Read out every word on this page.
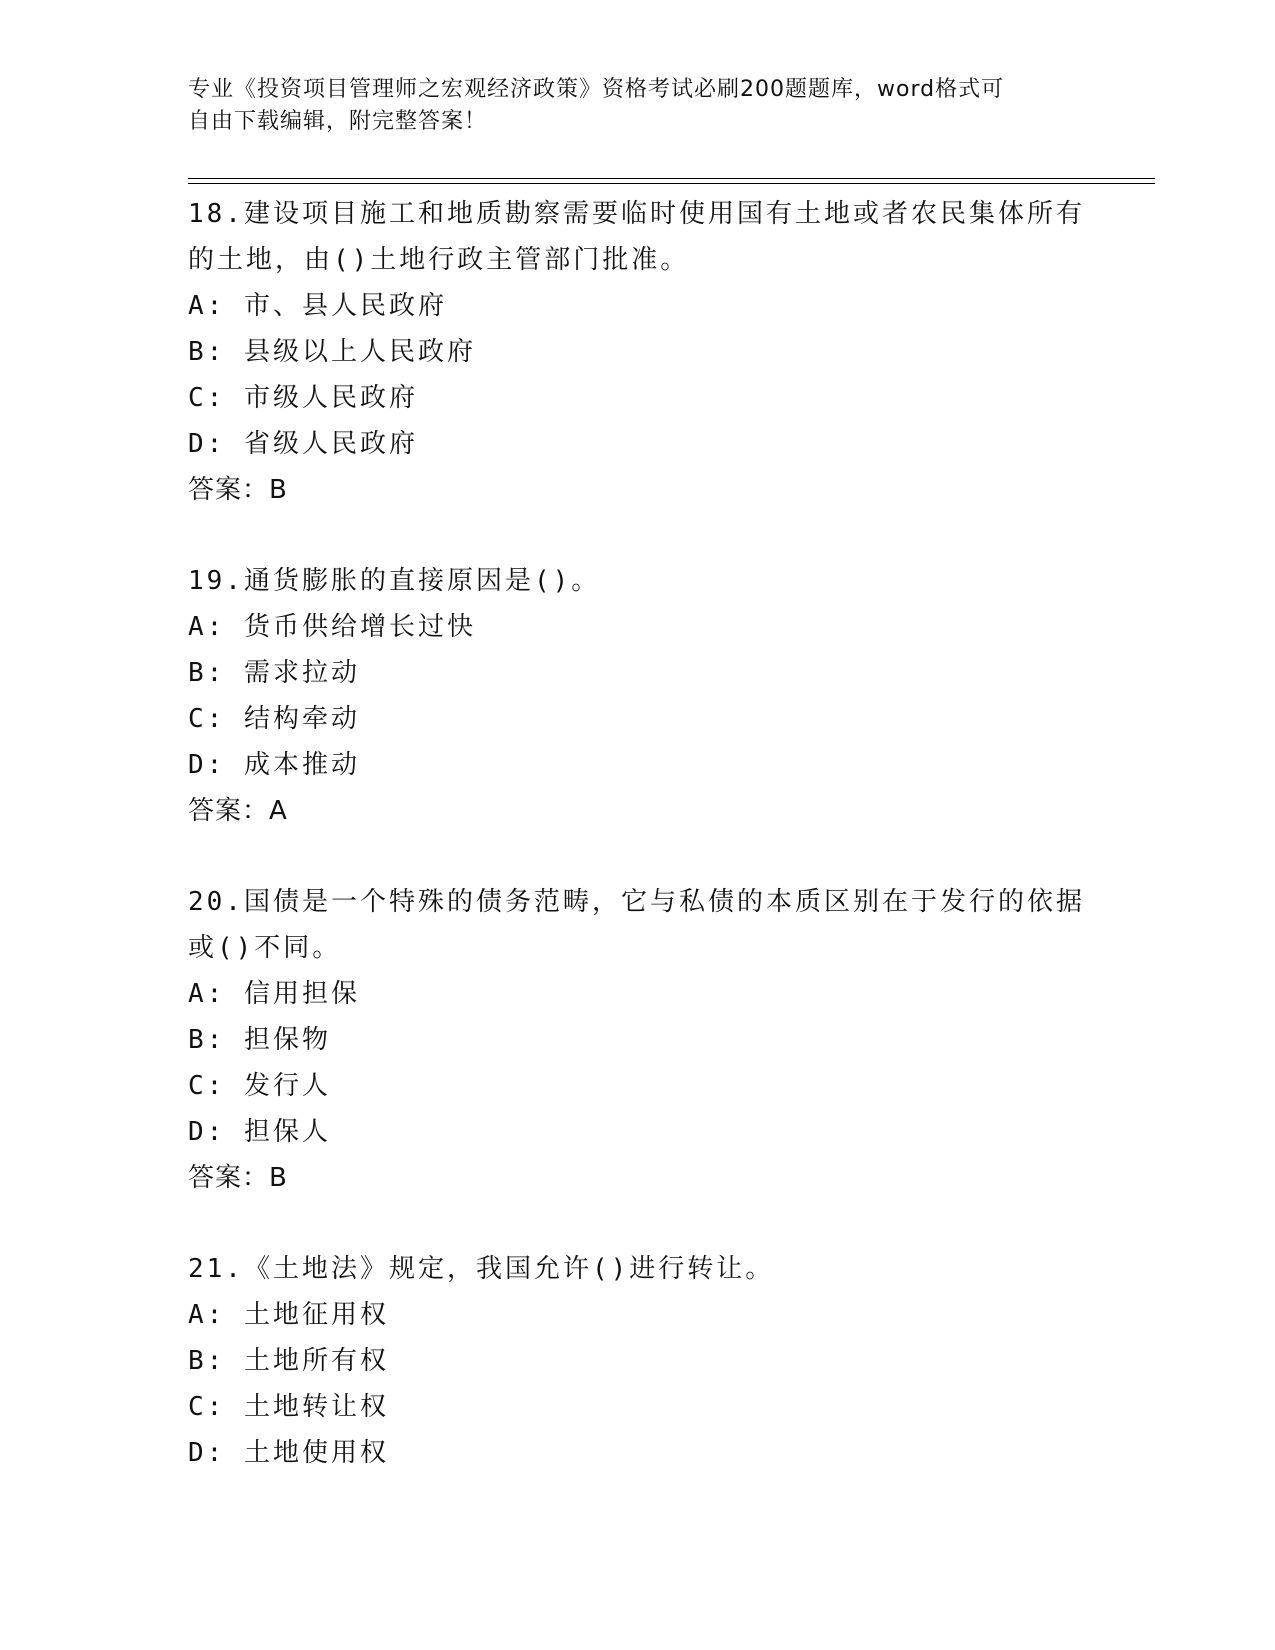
专业《投资项目管理师之宏观经济政策》资格考试必刷200题题库，word格式可
自由下载编辑，附完整答案！
18.建设项目施工和地质勘察需要临时使用国有土地或者农民集体所有
的土地，由()土地行政主管部门批准。
A: 市、县人民政府
B: 县级以上人民政府
C: 市级人民政府
D: 省级人民政府
答案：B
19.通货膨胀的直接原因是()。
A: 货币供给增长过快
B: 需求拉动
C: 结构牵动
D: 成本推动
答案：A
20.国债是一个特殊的债务范畴，它与私债的本质区别在于发行的依据
或()不同。
A: 信用担保
B: 担保物
C: 发行人
D: 担保人
答案：B
21.《土地法》规定，我国允许()进行转让。
A: 土地征用权
B: 土地所有权
C: 土地转让权
D: 土地使用权
